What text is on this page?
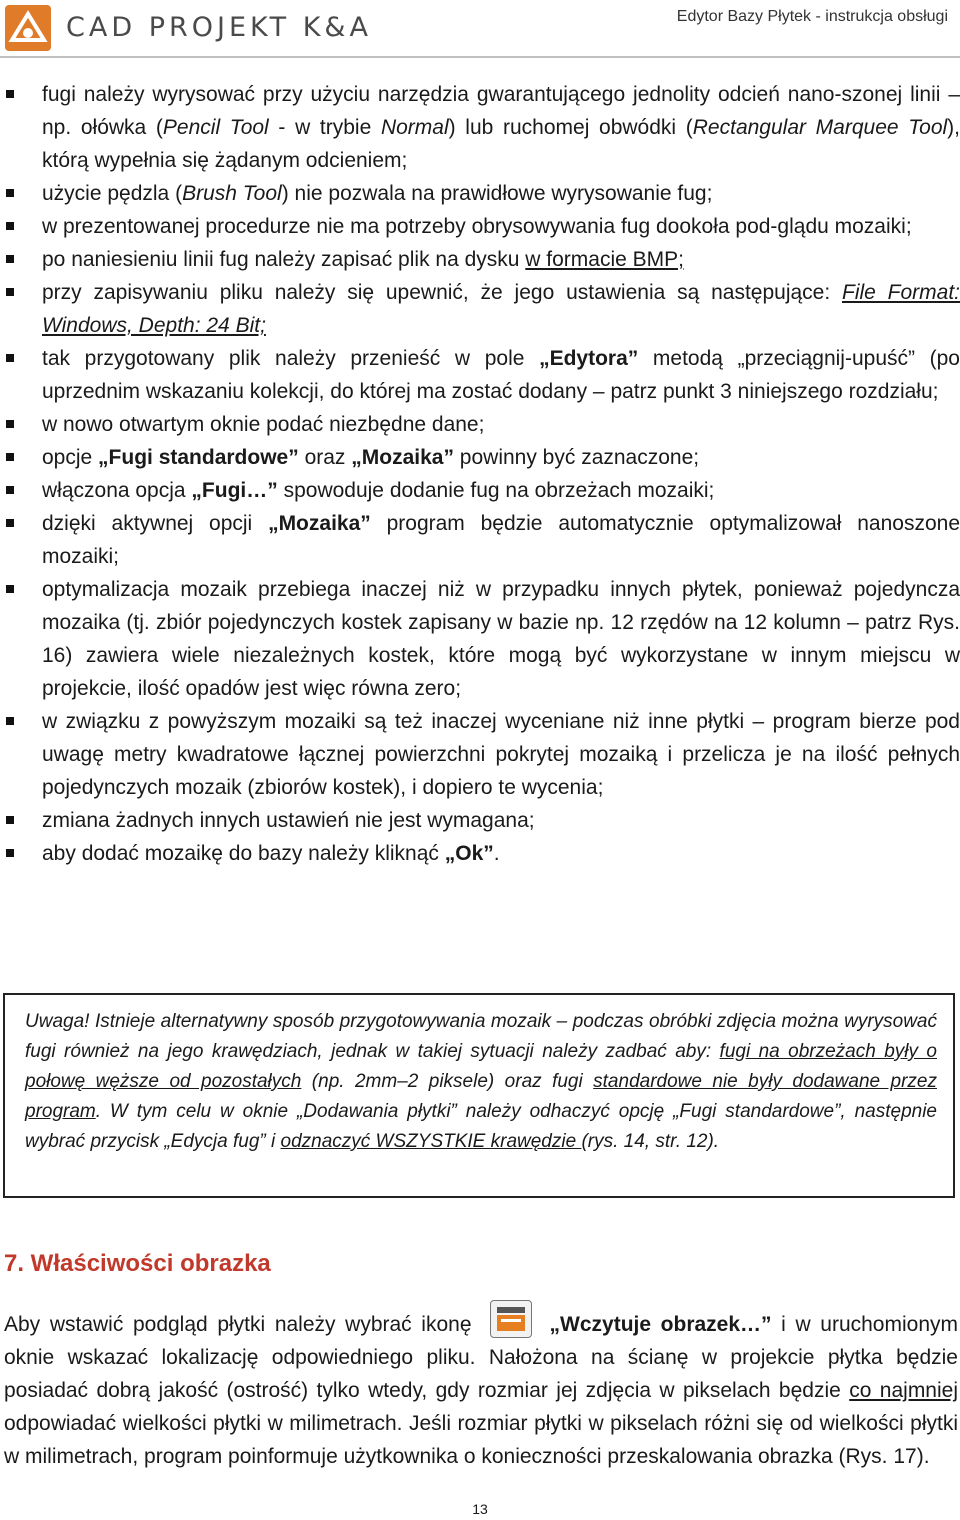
CAD PROJEKT K&A	Edytor Bazy Płytek - instrukcja obsługi
fugi należy wyrysować przy użyciu narzędzia gwarantującego jednolity odcień nano-szonej linii – np. ołówka (Pencil Tool - w trybie Normal) lub ruchomej obwódki (Rectangular Marquee Tool), którą wypełnia się żądanym odcieniem;
użycie pędzla (Brush Tool) nie pozwala na prawidłowe wyrysowanie fug;
w prezentowanej procedurze nie ma potrzeby obrysowywania fug dookoła pod-glądu mozaiki;
po naniesieniu linii fug należy zapisać plik na dysku w formacie BMP;
przy zapisywaniu pliku należy się upewnić, że jego ustawienia są następujące: File Format: Windows, Depth: 24 Bit;
tak przygotowany plik należy przenieść w pole „Edytora” metodą „przeciągnij-upuść” (po uprzednim wskazaniu kolekcji, do której ma zostać dodany – patrz punkt 3 niniejszego rozdziału;
w nowo otwartym oknie podać niezbędne dane;
opcje „Fugi standardowe” oraz „Mozaika” powinny być zaznaczone;
włączona opcja „Fugi…” spowoduje dodanie fug na obrzeżach mozaiki;
dzięki aktywnej opcji „Mozaika” program będzie automatycznie optymalizował nanoszone mozaiki;
optymalizacja mozaik przebiega inaczej niż w przypadku innych płytek, ponieważ pojedyncza mozaika (tj. zbiór pojedynczych kostek zapisany w bazie np. 12 rzędów na 12 kolumn – patrz Rys. 16) zawiera wiele niezależnych kostek, które mogą być wykorzystane w innym miejscu w projekcie, ilość opadów jest więc równa zero;
w związku z powyższym mozaiki są też inaczej wyceniane niż inne płytki – program bierze pod uwagę metry kwadratowe łącznej powierzchni pokrytej mozaiką i przelicza je na ilość pełnych pojedynczych mozaik (zbiorów kostek), i dopiero te wycenia;
zmiana żadnych innych ustawień nie jest wymagana;
aby dodać mozaikę do bazy należy kliknąć „Ok”.

Uwaga! Istnieje alternatywny sposób przygotowywania mozaik – podczas obróbki zdjęcia można wyrysować fugi również na jego krawędziach, jednak w takiej sytuacji należy zadbać aby: fugi na obrzeżach były o połowę węższe od pozostałych (np. 2mm–2 piksele) oraz fugi standardowe nie były dodawane przez program. W tym celu w oknie „Dodawania płytki” należy odhaczyć opcję „Fugi standardowe”, następnie wybrać przycisk „Edycja fug” i odznaczyć WSZYSTKIE krawędzie (rys. 14, str. 12).

7. Właściwości obrazka

Aby wstawić podgląd płytki należy wybrać ikonę	„Wczytuje obrazek…” i w uruchomionym oknie wskazać lokalizację odpowiedniego pliku. Nałożona na ścianę w projekcie płytka będzie posiadać dobrą jakość (ostrość) tylko wtedy, gdy rozmiar jej zdjęcia w pikselach będzie co najmniej odpowiadać wielkości płytki w milimetrach. Jeśli rozmiar płytki w pikselach różni się od wielkości płytki w milimetrach, program poinformuje użytkownika o konieczności przeskalowania obrazka (Rys. 17).

13
